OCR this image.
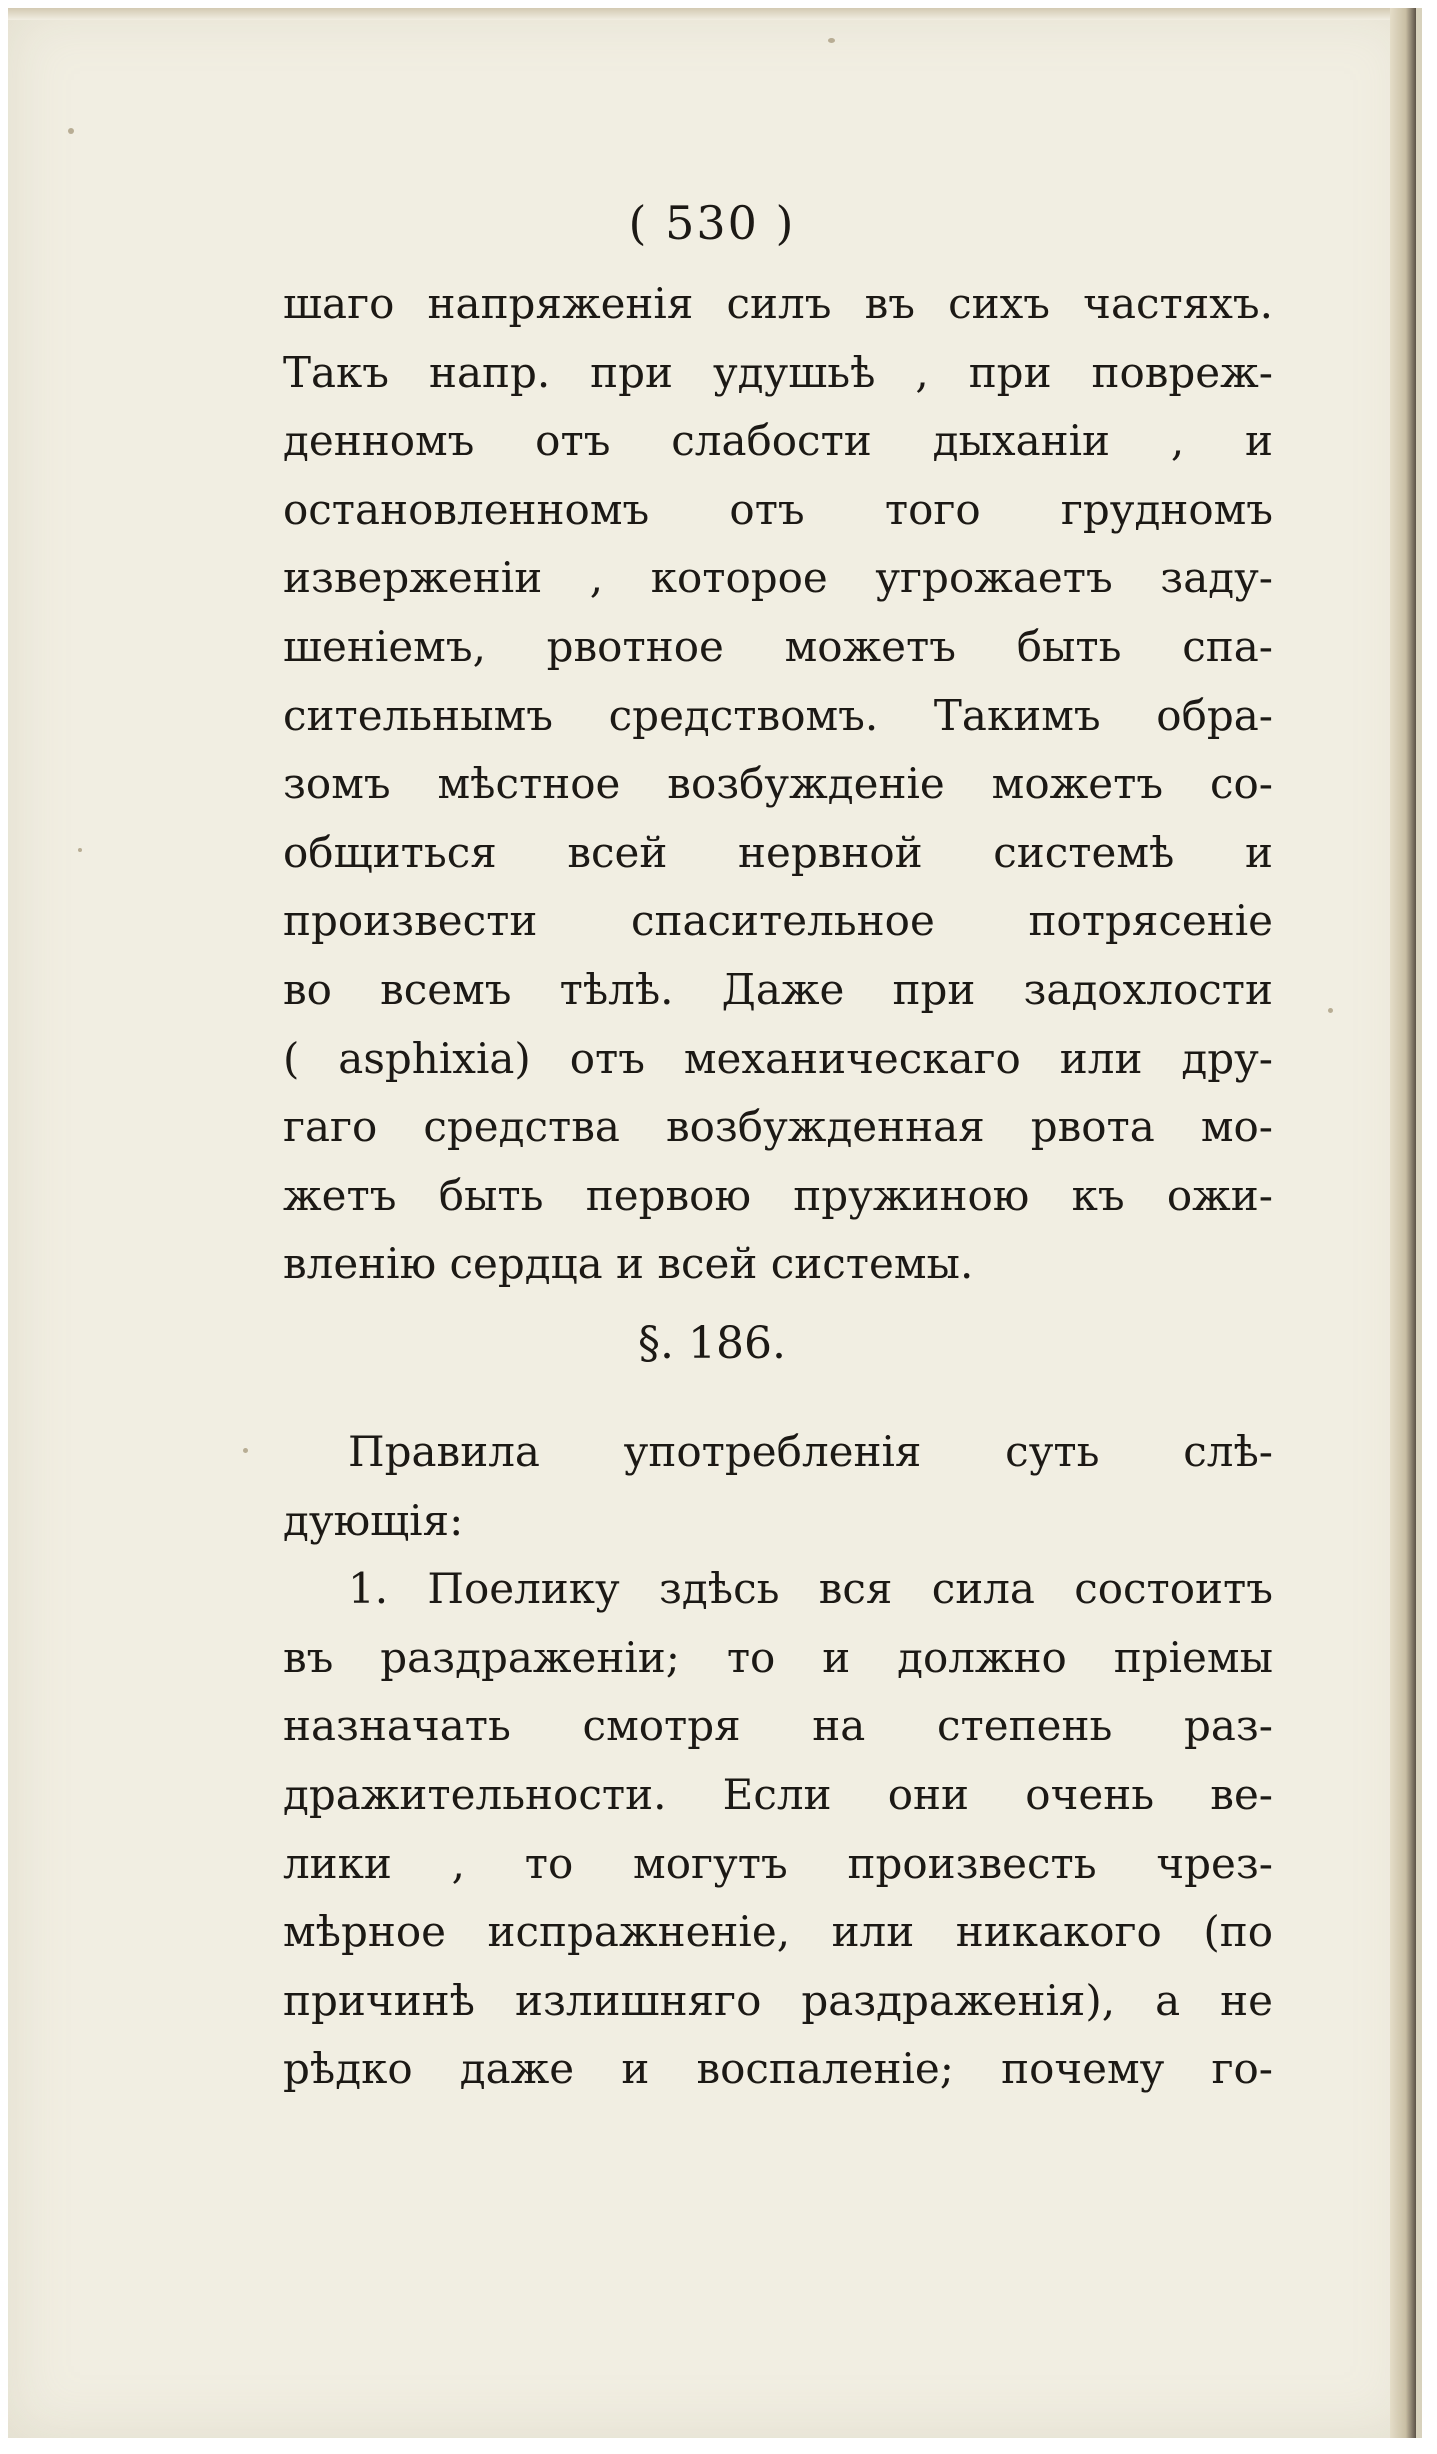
( 530 )
шаго напряженія силъ въ сихъ частяхъ.
Такъ напр. при удушьѣ , при повреж-
денномъ отъ слабости дыханіи , и
остановленномъ отъ того грудномъ
изверженіи , которое угрожаетъ заду-
шеніемъ, рвотное можетъ быть спа-
сительнымъ средствомъ. Такимъ обра-
зомъ мѣстное возбужденіе можетъ со-
общиться всей нервной системѣ и
произвести спасительное потрясеніе
во всемъ тѣлѣ. Даже при задохлости
( asphixia) отъ механическаго или дру-
гаго средства возбужденная рвота мо-
жетъ быть первою пружиною къ ожи-
вленію сердца и всей системы.
§. 186.
Правила употребленія суть слѣ-
дующія:
1. Поелику здѣсь вся сила состоитъ
въ раздраженіи; то и должно пріемы
назначать смотря на степень раз-
дражительности. Если они очень ве-
лики , то могутъ произвесть чрез-
мѣрное испражненіе, или никакого (по
причинѣ излишняго раздраженія), а не
рѣдко даже и воспаленіе; почему го-
